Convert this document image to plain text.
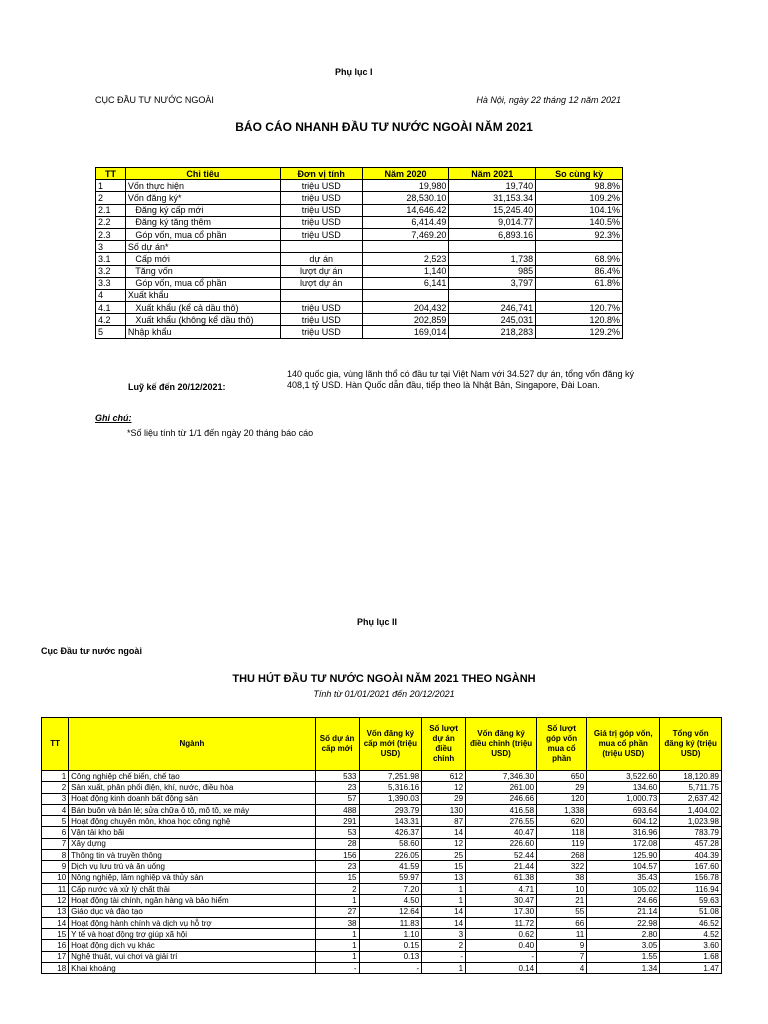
Phụ lục I
CỤC ĐẦU TƯ NƯỚC NGOÀI	Hà Nội, ngày 22 tháng 12 năm 2021
BÁO CÁO NHANH ĐẦU TƯ NƯỚC NGOÀI NĂM 2021
TT	Chỉ tiêu	Đơn vị tính	Năm 2020	Năm 2021	So cùng kỳ
1	Vốn thực hiện	triệu USD	19,980	19,740	98.8%
2	Vốn đăng ký*	triệu USD	28,530.10	31,153.34	109.2%
2.1	Đăng ký cấp mới	triệu USD	14,646.42	15,245.40	104.1%
2.2	Đăng ký tăng thêm	triệu USD	6,414.49	9,014.77	140.5%
2.3	Góp vốn, mua cổ phần	triệu USD	7,469.20	6,893.16	92.3%
3	Số dự án*				
3.1	Cấp mới	dự án	2,523	1,738	68.9%
3.2	Tăng vốn	lượt dự án	1,140	985	86.4%
3.3	Góp vốn, mua cổ phần	lượt dự án	6,141	3,797	61.8%
4	Xuất khẩu				
4.1	Xuất khẩu (kể cả dầu thô)	triệu USD	204,432	246,741	120.7%
4.2	Xuất khẩu (không kể dầu thô)	triệu USD	202,859	245,031	120.8%
5	Nhập khẩu	triệu USD	169,014	218,283	129.2%
Luỹ kế đến 20/12/2021:
140 quốc gia, vùng lãnh thổ có đầu tư tại Việt Nam với 34.527 dự án, tổng vốn đăng ký 408,1 tỷ USD. Hàn Quốc dẫn đầu, tiếp theo là Nhật Bản, Singapore, Đài Loan.
Ghi chú:
*Số liệu tính từ 1/1 đến ngày 20 tháng báo cáo
Phụ lục II
Cục Đầu tư nước ngoài
THU HÚT ĐẦU TƯ NƯỚC NGOÀI NĂM 2021 THEO NGÀNH
Tính từ 01/01/2021 đến 20/12/2021
TT	Ngành	Số dự án cấp mới	Vốn đăng ký cấp mới (triệu USD)	Số lượt dự án điều chỉnh	Vốn đăng ký điều chỉnh (triệu USD)	Số lượt góp vốn mua cổ phần	Giá trị góp vốn, mua cổ phần (triệu USD)	Tổng vốn đăng ký (triệu USD)
1	Công nghiệp chế biến, chế tạo	533	7,251.98	612	7,346.30	650	3,522.60	18,120.89
2	Sản xuất, phân phối điện, khí, nước, điều hòa	23	5,316.16	12	261.00	29	134.60	5,711.75
3	Hoạt động kinh doanh bất động sản	57	1,390.03	29	246.66	120	1,000.73	2,637.42
4	Bán buôn và bán lẻ; sửa chữa ô tô, mô tô, xe máy	488	293.79	130	416.58	1,338	693.64	1,404.02
5	Hoạt động chuyên môn, khoa học công nghệ	291	143.31	87	276.55	620	604.12	1,023.98
6	Vận tải kho bãi	53	426.37	14	40.47	118	316.96	783.79
7	Xây dựng	28	58.60	12	226.60	119	172.08	457.28
8	Thông tin và truyền thông	156	226.05	25	52.44	268	125.90	404.39
9	Dịch vụ lưu trú và ăn uống	23	41.59	15	21.44	322	104.57	167.60
10	Nông nghiệp, lâm nghiệp và thủy sản	15	59.97	13	61.38	38	35.43	156.78
11	Cấp nước và xử lý chất thải	2	7.20	1	4.71	10	105.02	116.94
12	Hoạt động tài chính, ngân hàng và bảo hiểm	1	4.50	1	30.47	21	24.66	59.63
13	Giáo dục và đào tạo	27	12.64	14	17.30	55	21.14	51.08
14	Hoạt động hành chính và dịch vụ hỗ trợ	38	11.83	14	11.72	66	22.98	46.52
15	Y tế và hoạt động trợ giúp xã hội	1	1.10	3	0.62	11	2.80	4.52
16	Hoạt động dịch vụ khác	1	0.15	2	0.40	9	3.05	3.60
17	Nghệ thuật, vui chơi và giải trí	1	0.13	-	-	7	1.55	1.68
18	Khai khoáng	-	-	1	0.14	4	1.34	1.47
